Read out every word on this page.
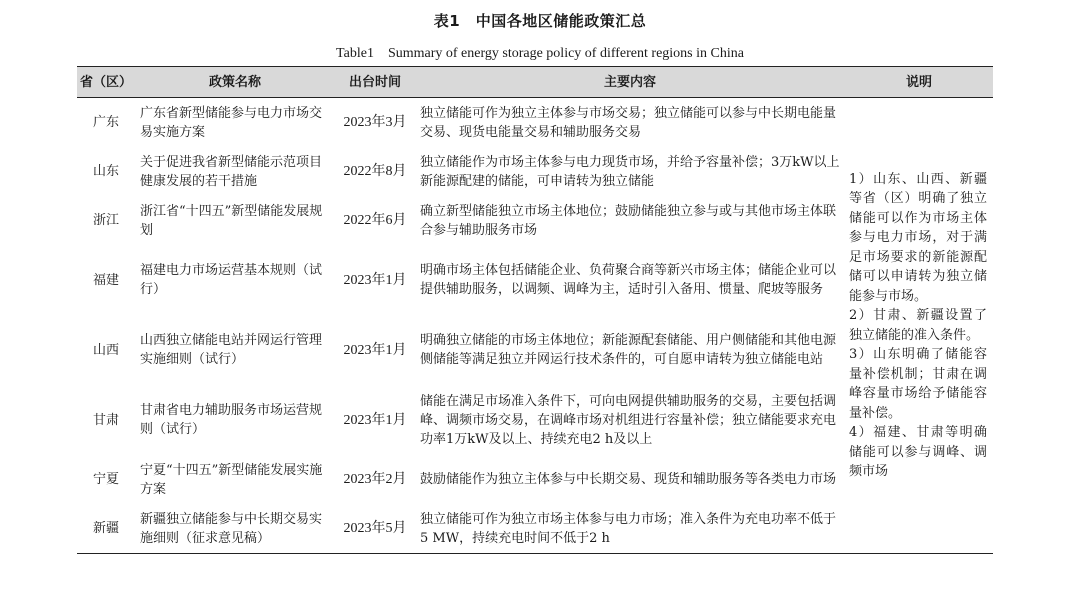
表1　中国各地区储能政策汇总
Table1　Summary of energy storage policy of different regions in China
省（区）	政策名称	出台时间	主要内容	说明
广东	广东省新型储能参与电力市场交易实施方案	2023年3月	独立储能可作为独立主体参与市场交易；独立储能可以参与中长期电能量交易、现货电能量交易和辅助服务交易	1）山东、山西、新疆等省（区）明确了独立储能可以作为市场主体参与电力市场，对于满足市场要求的新能源配储可以申请转为独立储能参与市场。
2）甘肃、新疆设置了独立储能的准入条件。
3）山东明确了储能容量补偿机制；甘肃在调峰容量市场给予储能容量补偿。
4）福建、甘肃等明确储能可以参与调峰、调频市场

山东	关于促进我省新型储能示范项目健康发展的若干措施	2022年8月	独立储能作为市场主体参与电力现货市场，并给予容量补偿；3万kW以上新能源配建的储能，可申请转为独立储能	
浙江	浙江省“十四五”新型储能发展规划	2022年6月	确立新型储能独立市场主体地位；鼓励储能独立参与或与其他市场主体联合参与辅助服务市场	
福建	福建电力市场运营基本规则（试行）	2023年1月	明确市场主体包括储能企业、负荷聚合商等新兴市场主体；储能企业可以提供辅助服务，以调频、调峰为主，适时引入备用、惯量、爬坡等服务	
山西	山西独立储能电站并网运行管理实施细则（试行）	2023年1月	明确独立储能的市场主体地位；新能源配套储能、用户侧储能和其他电源侧储能等满足独立并网运行技术条件的，可自愿申请转为独立储能电站	
甘肃	甘肃省电力辅助服务市场运营规则（试行）	2023年1月	储能在满足市场准入条件下，可向电网提供辅助服务的交易，主要包括调峰、调频市场交易，在调峰市场对机组进行容量补偿；独立储能要求充电功率1万kW及以上、持续充电2 h及以上	
宁夏	宁夏“十四五”新型储能发展实施方案	2023年2月	鼓励储能作为独立主体参与中长期交易、现货和辅助服务等各类电力市场	
新疆	新疆独立储能参与中长期交易实施细则（征求意见稿）	2023年5月	独立储能可作为独立市场主体参与电力市场；准入条件为充电功率不低于5 MW，持续充电时间不低于2 h	
